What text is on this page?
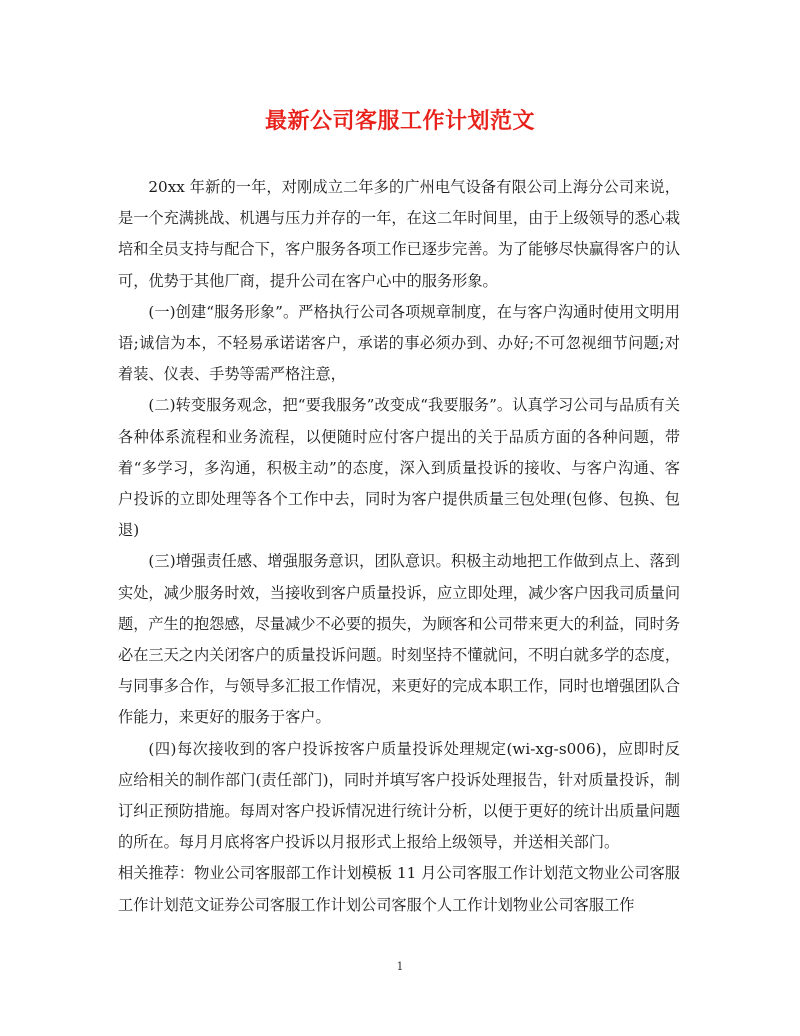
最新公司客服工作计划范文

20xx 年新的一年，对刚成立二年多的广州电气设备有限公司上海分公司来说，是一个充满挑战、机遇与压力并存的一年，在这二年时间里，由于上级领导的悉心栽培和全员支持与配合下，客户服务各项工作已逐步完善。为了能够尽快赢得客户的认可，优势于其他厂商，提升公司在客户心中的服务形象。

(一)创建“服务形象”。严格执行公司各项规章制度，在与客户沟通时使用文明用语;诚信为本，不轻易承诺诺客户，承诺的事必须办到、办好;不可忽视细节问题;对着装、仪表、手势等需严格注意，

(二)转变服务观念，把“要我服务”改变成“我要服务”。认真学习公司与品质有关各种体系流程和业务流程，以便随时应付客户提出的关于品质方面的各种问题，带着“多学习，多沟通，积极主动”的态度，深入到质量投诉的接收、与客户沟通、客户投诉的立即处理等各个工作中去，同时为客户提供质量三包处理(包修、包换、包退)

(三)增强责任感、增强服务意识，团队意识。积极主动地把工作做到点上、落到实处，减少服务时效，当接收到客户质量投诉，应立即处理，减少客户因我司质量问题，产生的抱怨感，尽量减少不必要的损失，为顾客和公司带来更大的利益，同时务必在三天之内关闭客户的质量投诉问题。时刻坚持不懂就问，不明白就多学的态度，与同事多合作，与领导多汇报工作情况，来更好的完成本职工作，同时也增强团队合作能力，来更好的服务于客户。

(四)每次接收到的客户投诉按客户质量投诉处理规定(wi-xg-s006)，应即时反应给相关的制作部门(责任部门)，同时并填写客户投诉处理报告，针对质量投诉，制订纠正预防措施。每周对客户投诉情况进行统计分析，以便于更好的统计出质量问题的所在。每月月底将客户投诉以月报形式上报给上级领导，并送相关部门。

相关推荐：物业公司客服部工作计划模板 11 月公司客服工作计划范文物业公司客服工作计划范文证券公司客服工作计划公司客服个人工作计划物业公司客服工作

1
